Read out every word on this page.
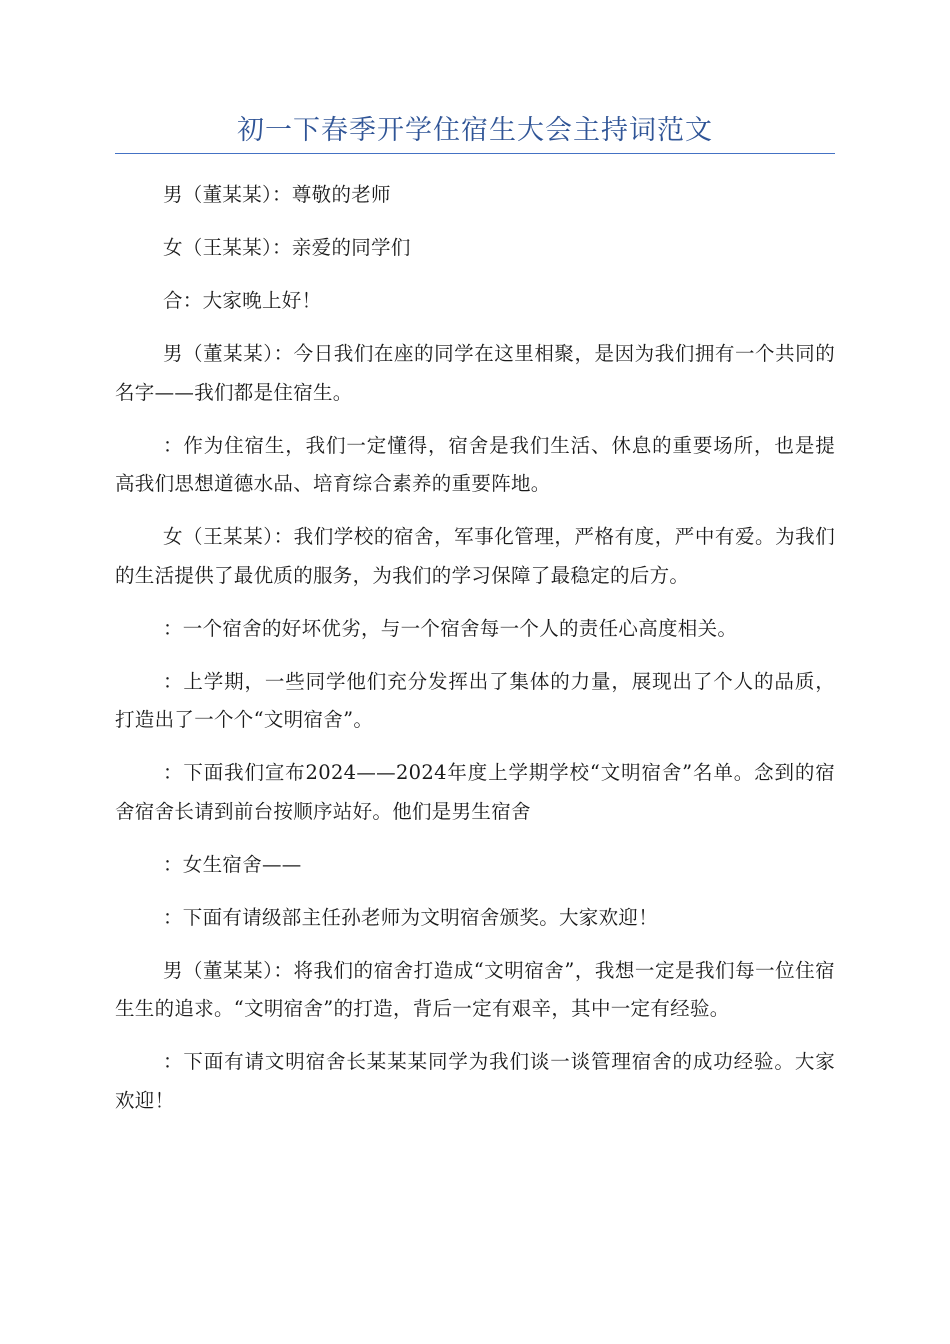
初一下春季开学住宿生大会主持词范文

男（董某某）：尊敬的老师

女（王某某）：亲爱的同学们

合：大家晚上好！

男（董某某）：今日我们在座的同学在这里相聚，是因为我们拥有一个共同的名字——我们都是住宿生。

：作为住宿生，我们一定懂得，宿舍是我们生活、休息的重要场所，也是提高我们思想道德水品、培育综合素养的重要阵地。

女（王某某）：我们学校的宿舍，军事化管理，严格有度，严中有爱。为我们的生活提供了最优质的服务，为我们的学习保障了最稳定的后方。

：一个宿舍的好坏优劣，与一个宿舍每一个人的责任心高度相关。

：上学期，一些同学他们充分发挥出了集体的力量，展现出了个人的品质，打造出了一个个“文明宿舍”。

：下面我们宣布2024——2024年度上学期学校“文明宿舍”名单。念到的宿舍宿舍长请到前台按顺序站好。他们是男生宿舍

：女生宿舍——

：下面有请级部主任孙老师为文明宿舍颁奖。大家欢迎！

男（董某某）：将我们的宿舍打造成“文明宿舍”，我想一定是我们每一位住宿生生的追求。“文明宿舍”的打造，背后一定有艰辛，其中一定有经验。

：下面有请文明宿舍长某某某同学为我们谈一谈管理宿舍的成功经验。大家欢迎！
